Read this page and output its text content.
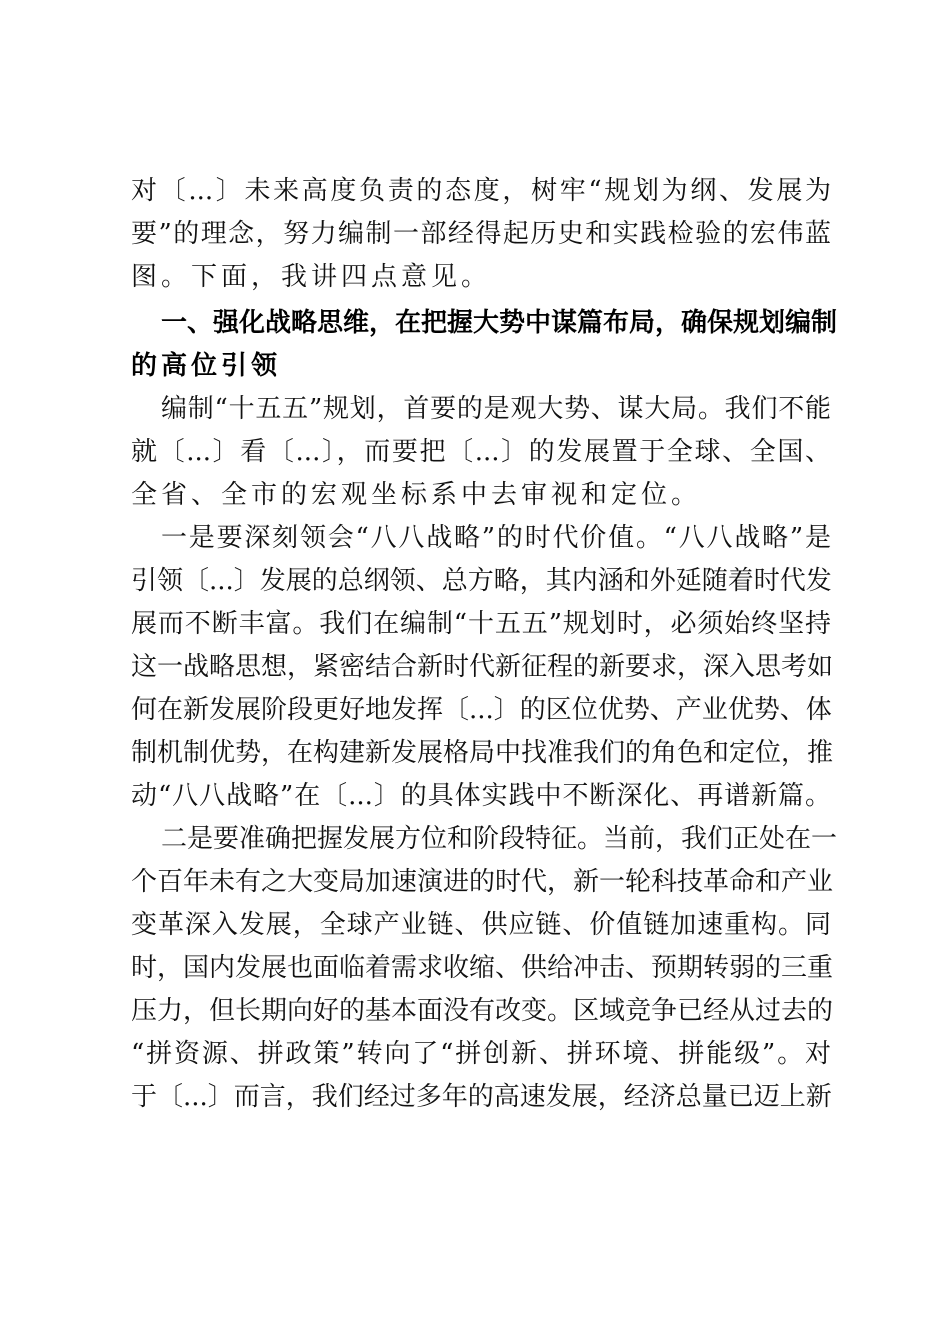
对〔...〕未来高度负责的态度，树牢“规划为纲、发展为
要”的理念，努力编制一部经得起历史和实践检验的宏伟蓝
图。下面，我讲四点意见。
一、强化战略思维，在把握大势中谋篇布局，确保规划编制
的高位引领
编制“十五五”规划，首要的是观大势、谋大局。我们不能
就〔...〕看〔...〕，而要把〔...〕的发展置于全球、全国、
全省、全市的宏观坐标系中去审视和定位。
一是要深刻领会“八八战略”的时代价值。“八八战略”是
引领〔...〕发展的总纲领、总方略，其内涵和外延随着时代发
展而不断丰富。我们在编制“十五五”规划时，必须始终坚持
这一战略思想，紧密结合新时代新征程的新要求，深入思考如
何在新发展阶段更好地发挥〔...〕的区位优势、产业优势、体
制机制优势，在构建新发展格局中找准我们的角色和定位，推
动“八八战略”在〔...〕的具体实践中不断深化、再谱新篇。
二是要准确把握发展方位和阶段特征。当前，我们正处在一
个百年未有之大变局加速演进的时代，新一轮科技革命和产业
变革深入发展，全球产业链、供应链、价值链加速重构。同
时，国内发展也面临着需求收缩、供给冲击、预期转弱的三重
压力，但长期向好的基本面没有改变。区域竞争已经从过去的
“拼资源、拼政策”转向了“拼创新、拼环境、拼能级”。对
于〔...〕而言，我们经过多年的高速发展，经济总量已迈上新
